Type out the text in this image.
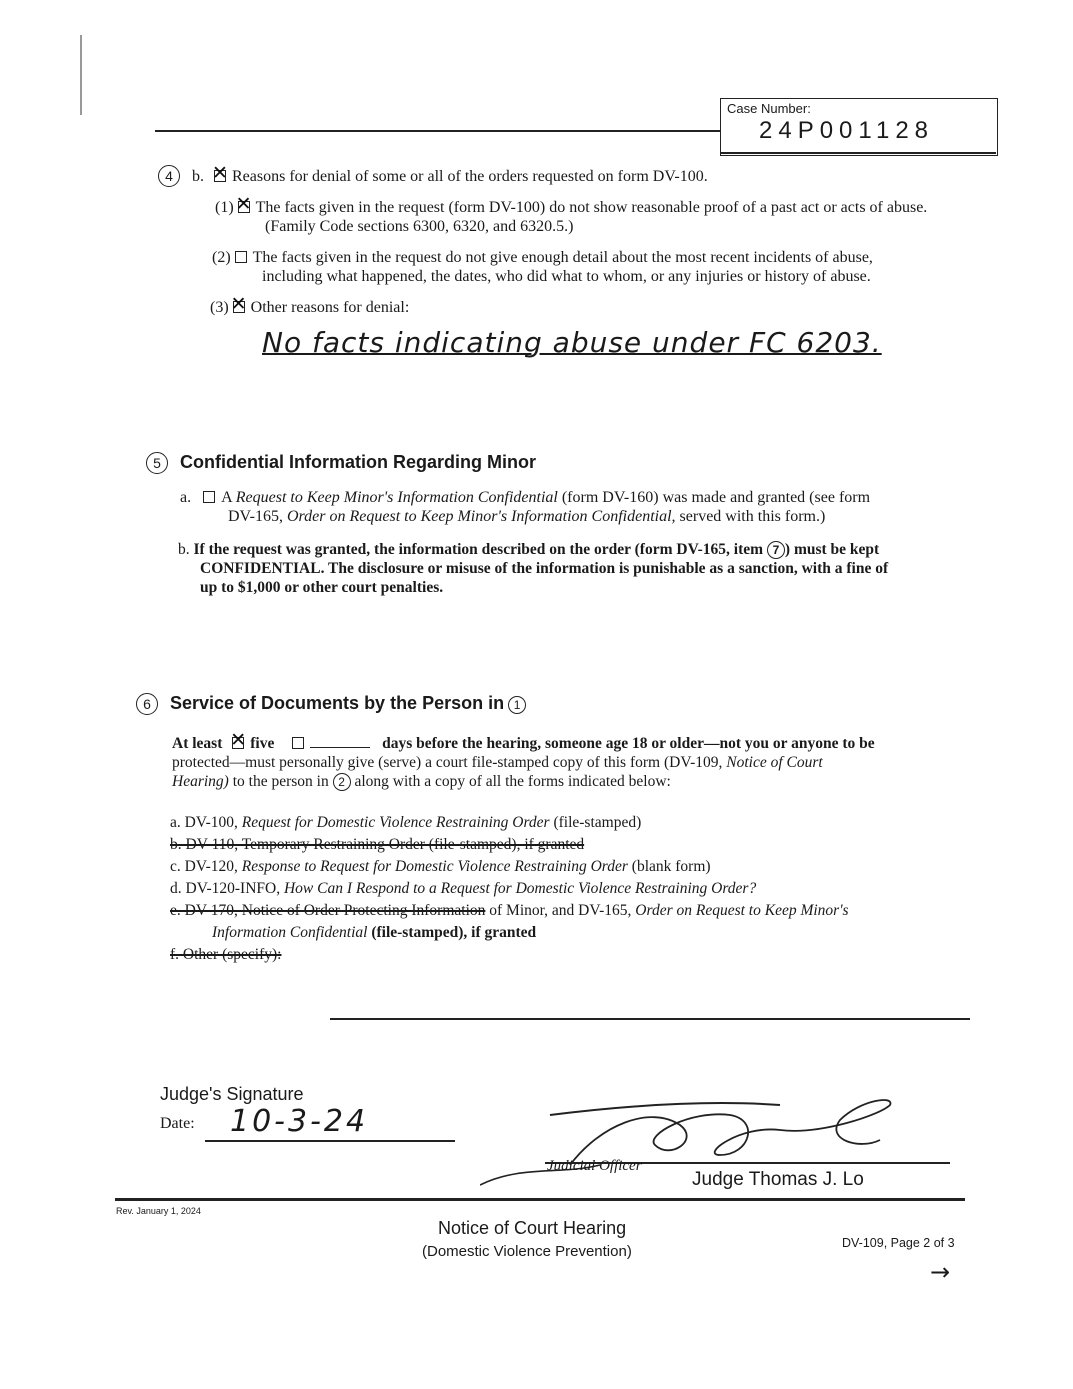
Case Number:
24P001128
4 b. ✕ Reasons for denial of some or all of the orders requested on form DV-100.
(1) ✕ The facts given in the request (form DV-100) do not show reasonable proof of a past act or acts of abuse.
(Family Code sections 6300, 6320, and 6320.5.)
(2) The facts given in the request do not give enough detail about the most recent incidents of abuse,
including what happened, the dates, who did what to whom, or any injuries or history of abuse.
(3) ✕ Other reasons for denial:
No facts indicating abuse under FC 6203.
5 Confidential Information Regarding Minor
a. A Request to Keep Minor's Information Confidential (form DV-160) was made and granted (see form
DV-165, Order on Request to Keep Minor's Information Confidential, served with this form.)
b. If the request was granted, the information described on the order (form DV-165, item 7 ) must be kept
CONFIDENTIAL. The disclosure or misuse of the information is punishable as a sanction, with a fine of
up to $1,000 or other court penalties.
6 Service of Documents by the Person in 1
At least ✕ five	days before the hearing, someone age 18 or older—not you or anyone to be
protected—must personally give (serve) a court file-stamped copy of this form (DV-109, Notice of Court
Hearing) to the person in 2 along with a copy of all the forms indicated below:
a. DV-100, Request for Domestic Violence Restraining Order (file-stamped)
b. DV-110, Temporary Restraining Order (file-stamped), if granted
c. DV-120, Response to Request for Domestic Violence Restraining Order (blank form)
d. DV-120-INFO, How Can I Respond to a Request for Domestic Violence Restraining Order?
e. DV-170, Notice of Order Protecting Information of Minor, and DV-165, Order on Request to Keep Minor's
Information Confidential (file-stamped), if granted
f. Other (specify):
Judge's Signature
Date: 10-3-24
Judicial Officer
Judge Thomas J. Lo
Rev. January 1, 2024
Notice of Court Hearing
(Domestic Violence Prevention)	DV-109, Page 2 of 3
→
